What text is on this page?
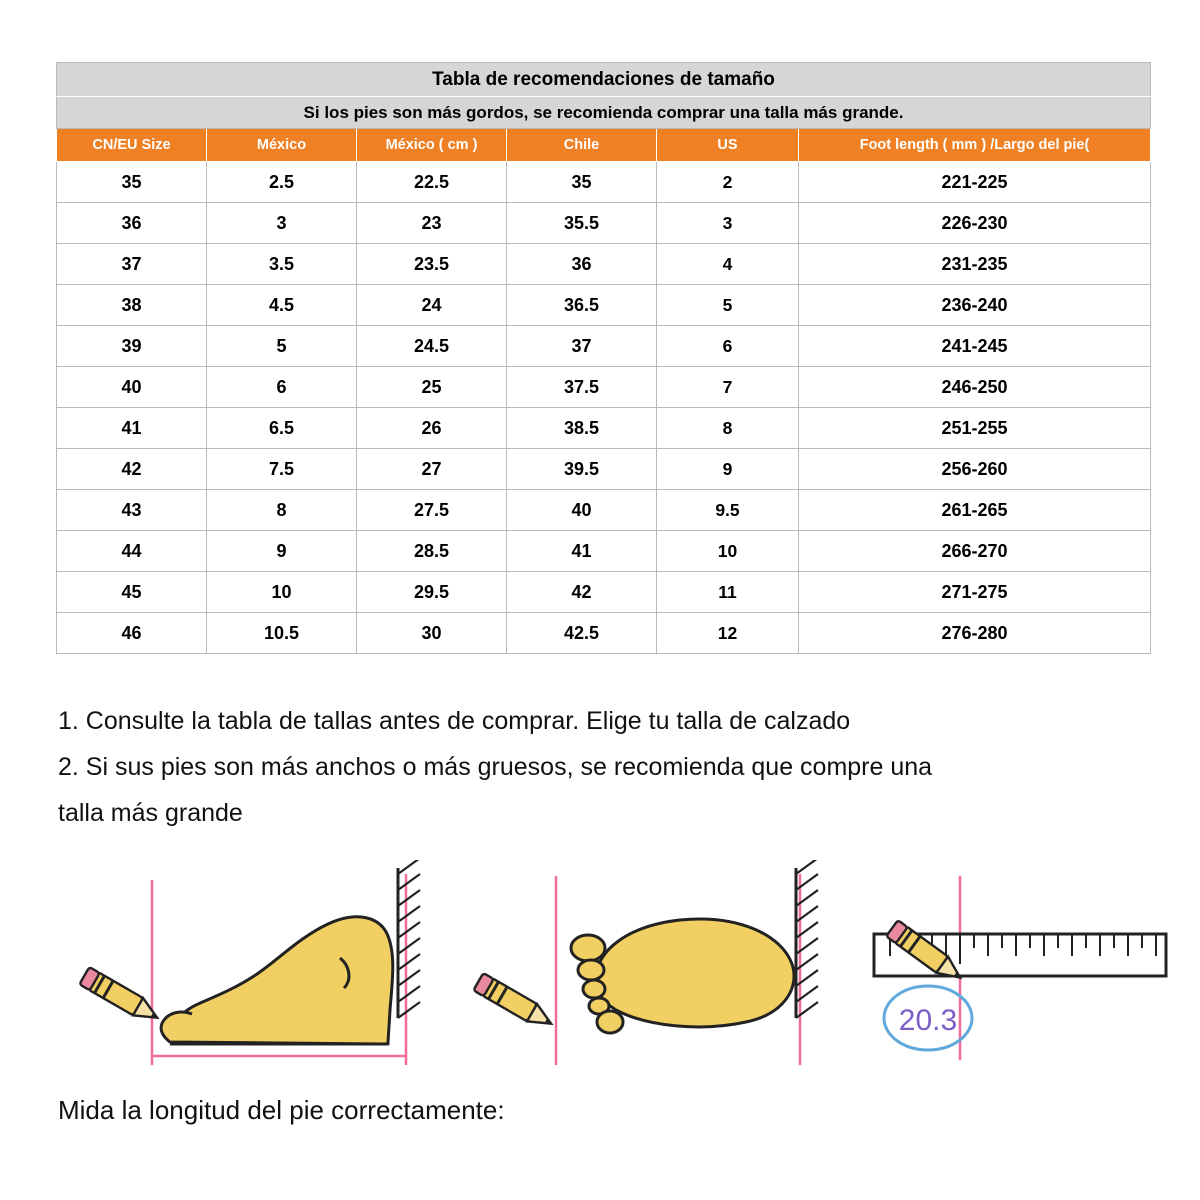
Tabla de recomendaciones de tamaño					
Si los pies son más gordos, se recomienda comprar una talla más grande.					
CN/EU Size	México	México ( cm )	Chile	US	Foot length ( mm ) /Largo del pie(
35	2.5	22.5	35	2	221-225
36	3	23	35.5	3	226-230
37	3.5	23.5	36	4	231-235
38	4.5	24	36.5	5	236-240
39	5	24.5	37	6	241-245
40	6	25	37.5	7	246-250
41	6.5	26	38.5	8	251-255
42	7.5	27	39.5	9	256-260
43	8	27.5	40	9.5	261-265
44	9	28.5	41	10	266-270
45	10	29.5	42	11	271-275
46	10.5	30	42.5	12	276-280

1. Consulte la tabla de tallas antes de comprar. Elige tu talla de calzado

2. Si sus pies son más anchos o más gruesos, se recomienda que compre una

talla más grande

20.3
Mida la longitud del pie correctamente:
